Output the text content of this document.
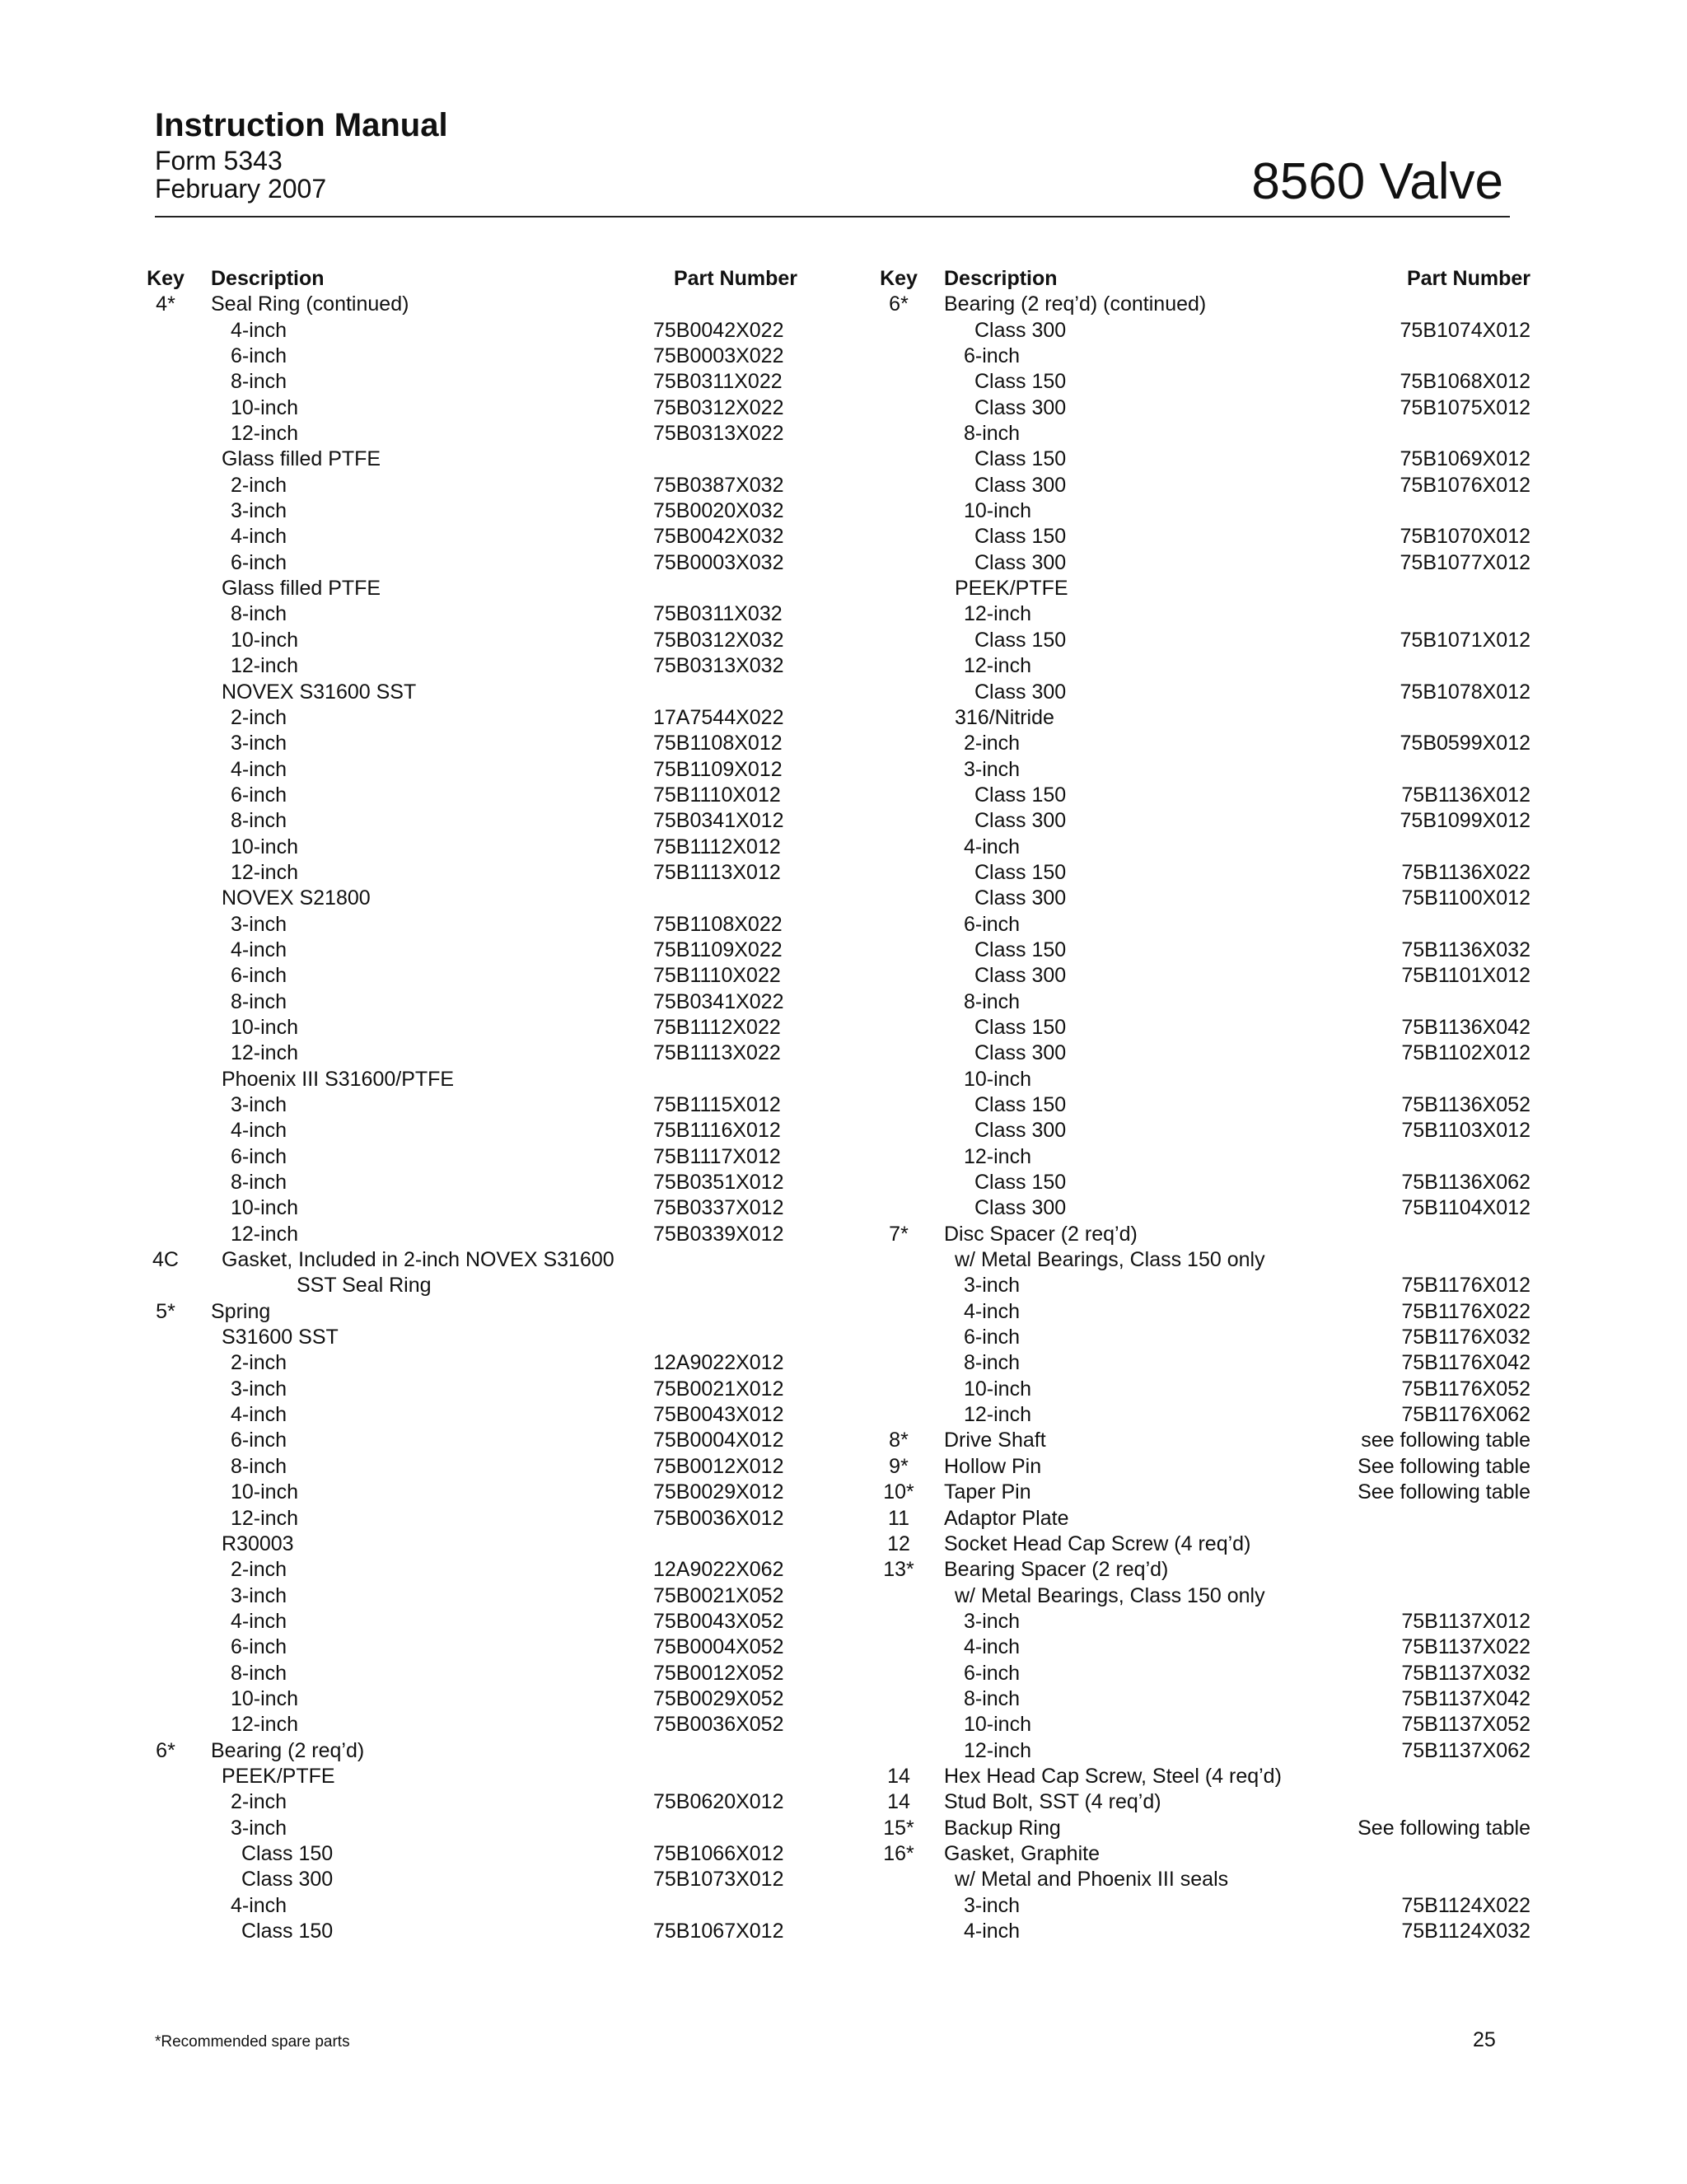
Instruction Manual
Form 5343
February 2007	8560 Valve
Key Description	Part Number
4*	Seal Ring (continued)
4-inch	75B0042X022
6-inch	75B0003X022
8-inch	75B0311X022
10-inch	75B0312X022
12-inch	75B0313X022
Glass filled PTFE
2-inch	75B0387X032
3-inch	75B0020X032
4-inch	75B0042X032
6-inch	75B0003X032
Glass filled PTFE
8-inch	75B0311X032
10-inch	75B0312X032
12-inch	75B0313X032
NOVEX S31600 SST
2-inch	17A7544X022
3-inch	75B1108X012
4-inch	75B1109X012
6-inch	75B1110X012
8-inch	75B0341X012
10-inch	75B1112X012
12-inch	75B1113X012
NOVEX S21800
3-inch	75B1108X022
4-inch	75B1109X022
6-inch	75B1110X022
8-inch	75B0341X022
10-inch	75B1112X022
12-inch	75B1113X022
Phoenix III S31600/PTFE
3-inch	75B1115X012
4-inch	75B1116X012
6-inch	75B1117X012
8-inch	75B0351X012
10-inch	75B0337X012
12-inch	75B0339X012
4C	Gasket, Included in 2-inch NOVEX S31600
SST Seal Ring
5*	Spring
S31600 SST
2-inch	12A9022X012
3-inch	75B0021X012
4-inch	75B0043X012
6-inch	75B0004X012
8-inch	75B0012X012
10-inch	75B0029X012
12-inch	75B0036X012
R30003
2-inch	12A9022X062
3-inch	75B0021X052
4-inch	75B0043X052
6-inch	75B0004X052
8-inch	75B0012X052
10-inch	75B0029X052
12-inch	75B0036X052
6*	Bearing (2 req’d)
PEEK/PTFE
2-inch	75B0620X012
3-inch
Class 150	75B1066X012
Class 300	75B1073X012
4-inch
Class 150	75B1067X012
Key Description	Part Number
6*	Bearing (2 req’d) (continued)
Class 300	75B1074X012
6-inch
Class 150	75B1068X012
Class 300	75B1075X012
8-inch
Class 150	75B1069X012
Class 300	75B1076X012
10-inch
Class 150	75B1070X012
Class 300	75B1077X012
PEEK/PTFE
12-inch
Class 150	75B1071X012
12-inch
Class 300	75B1078X012
316/Nitride
2-inch	75B0599X012
3-inch
Class 150	75B1136X012
Class 300	75B1099X012
4-inch
Class 150	75B1136X022
Class 300	75B1100X012
6-inch
Class 150	75B1136X032
Class 300	75B1101X012
8-inch
Class 150	75B1136X042
Class 300	75B1102X012
10-inch
Class 150	75B1136X052
Class 300	75B1103X012
12-inch
Class 150	75B1136X062
Class 300	75B1104X012
7*	Disc Spacer (2 req’d)
w/ Metal Bearings, Class 150 only
3-inch	75B1176X012
4-inch	75B1176X022
6-inch	75B1176X032
8-inch	75B1176X042
10-inch	75B1176X052
12-inch	75B1176X062
8*	Drive Shaft	see following table
9*	Hollow Pin	See following table
10* Taper Pin	See following table
11	Adaptor Plate
12	Socket Head Cap Screw (4 req’d)
13* Bearing Spacer (2 req’d)
w/ Metal Bearings, Class 150 only
3-inch	75B1137X012
4-inch	75B1137X022
6-inch	75B1137X032
8-inch	75B1137X042
10-inch	75B1137X052
12-inch	75B1137X062
14	Hex Head Cap Screw, Steel (4 req’d)
14	Stud Bolt, SST (4 req’d)
15* Backup Ring	See following table
16* Gasket, Graphite
w/ Metal and Phoenix III seals
3-inch	75B1124X022
4-inch	75B1124X032
*Recommended spare parts	25
